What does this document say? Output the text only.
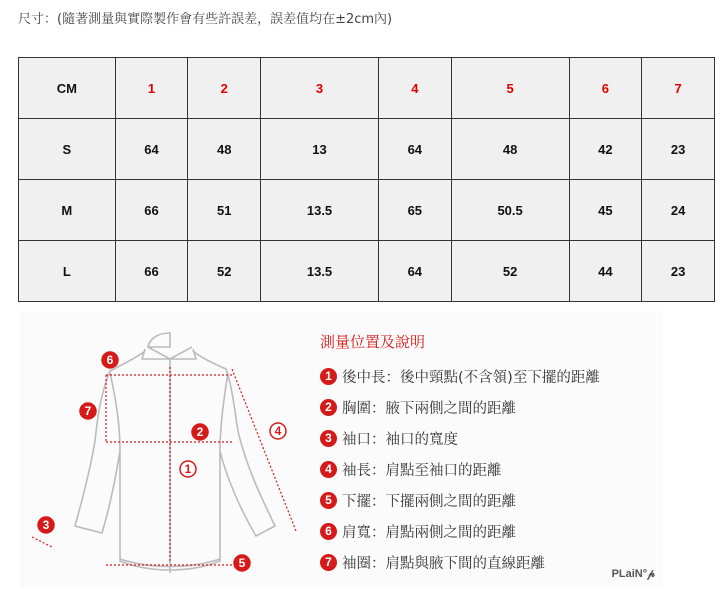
尺寸：(隨著測量與實際製作會有些許誤差，誤差值均在±2cm內)
CM	1	2	3	4	5	6	7
S	64	48	13	64	48	42	23
M	66	51	13.5	65	50.5	45	24
L	66	52	13.5	64	52	44	23
1
2
3
4
5
6
7
測量位置及說明
1 後中長：後中頸點(不含領)至下擺的距離
2 胸圍：腋下兩側之間的距離
3 袖口：袖口的寬度
4 袖長：肩點至袖口的距離
5 下擺：下擺兩側之間的距離
6 肩寬：肩點兩側之間的距離
7 袖圈：肩點與腋下間的直線距離
PLaiN°𝓅
